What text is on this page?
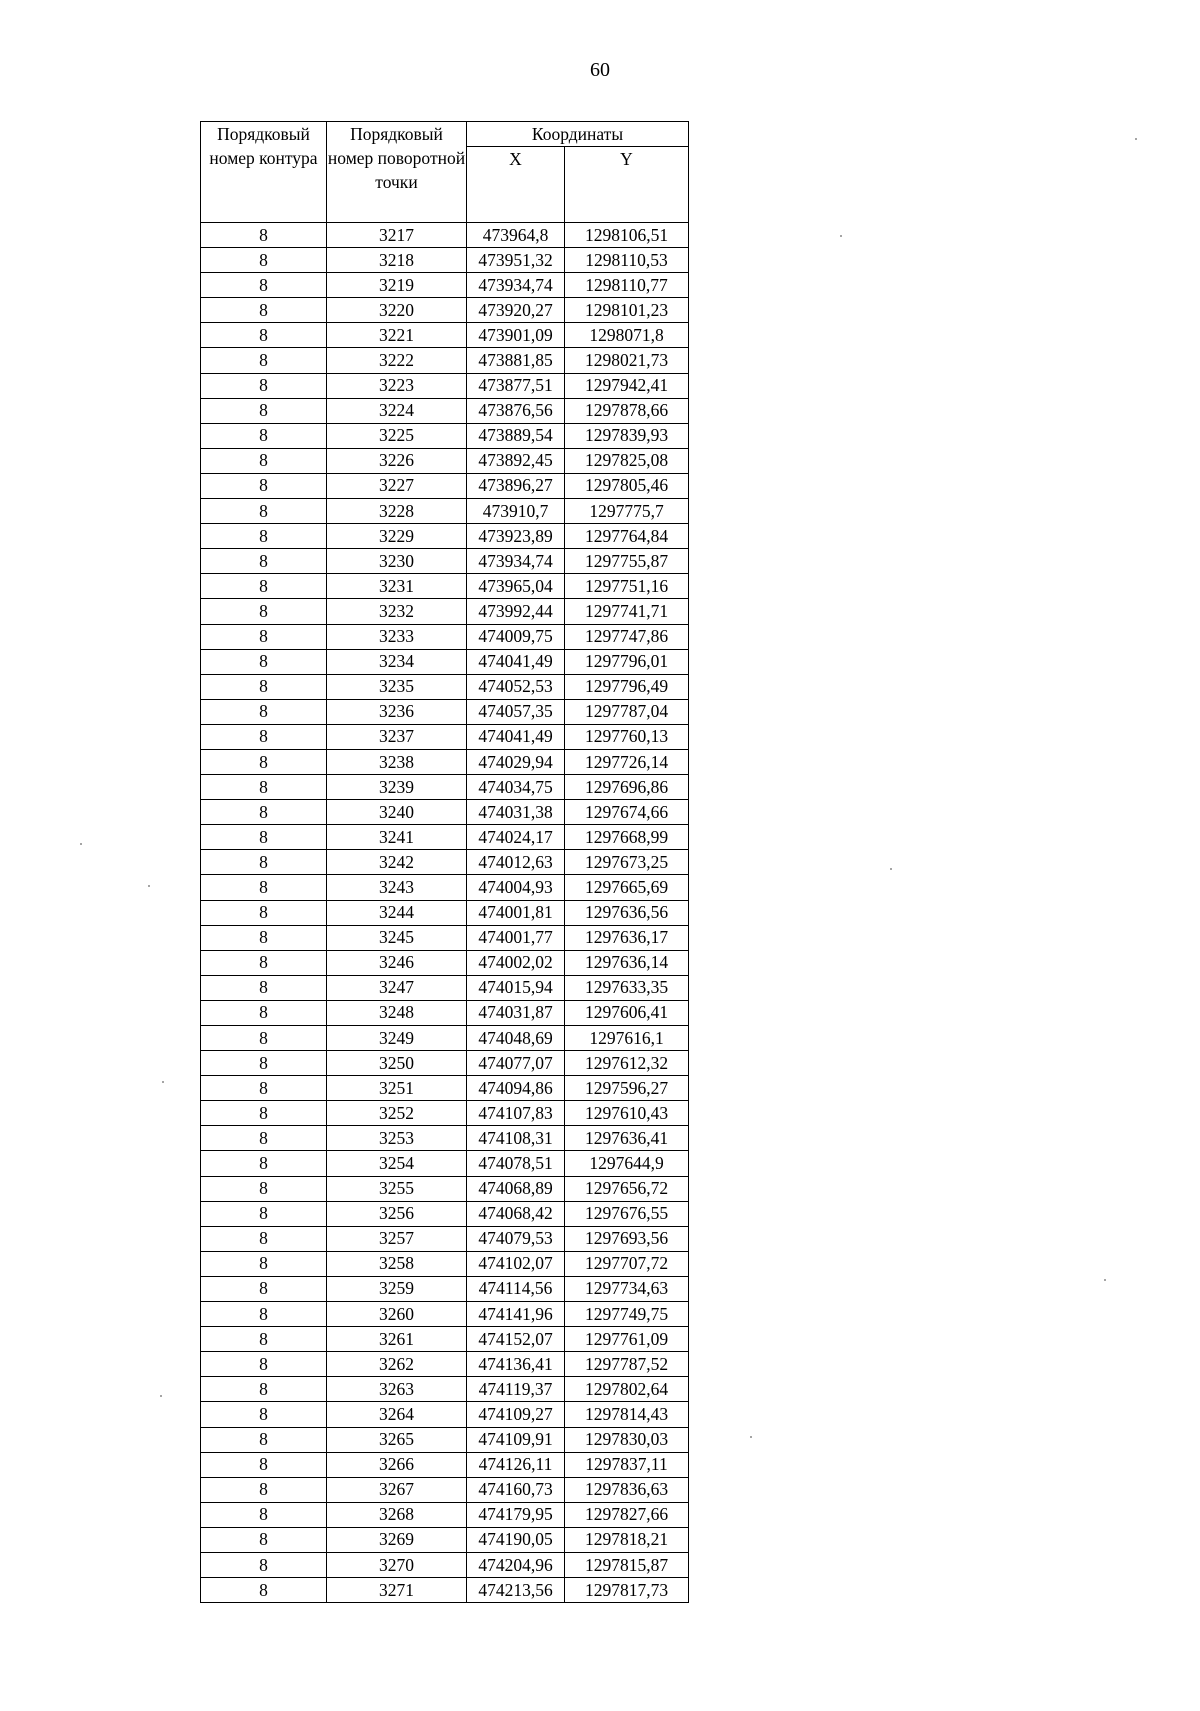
60
Порядковый номер контура	Порядковый номер поворотной точки	Координаты	
		X	Y
8	3217	473964,8	1298106,51
8	3218	473951,32	1298110,53
8	3219	473934,74	1298110,77
8	3220	473920,27	1298101,23
8	3221	473901,09	1298071,8
8	3222	473881,85	1298021,73
8	3223	473877,51	1297942,41
8	3224	473876,56	1297878,66
8	3225	473889,54	1297839,93
8	3226	473892,45	1297825,08
8	3227	473896,27	1297805,46
8	3228	473910,7	1297775,7
8	3229	473923,89	1297764,84
8	3230	473934,74	1297755,87
8	3231	473965,04	1297751,16
8	3232	473992,44	1297741,71
8	3233	474009,75	1297747,86
8	3234	474041,49	1297796,01
8	3235	474052,53	1297796,49
8	3236	474057,35	1297787,04
8	3237	474041,49	1297760,13
8	3238	474029,94	1297726,14
8	3239	474034,75	1297696,86
8	3240	474031,38	1297674,66
8	3241	474024,17	1297668,99
8	3242	474012,63	1297673,25
8	3243	474004,93	1297665,69
8	3244	474001,81	1297636,56
8	3245	474001,77	1297636,17
8	3246	474002,02	1297636,14
8	3247	474015,94	1297633,35
8	3248	474031,87	1297606,41
8	3249	474048,69	1297616,1
8	3250	474077,07	1297612,32
8	3251	474094,86	1297596,27
8	3252	474107,83	1297610,43
8	3253	474108,31	1297636,41
8	3254	474078,51	1297644,9
8	3255	474068,89	1297656,72
8	3256	474068,42	1297676,55
8	3257	474079,53	1297693,56
8	3258	474102,07	1297707,72
8	3259	474114,56	1297734,63
8	3260	474141,96	1297749,75
8	3261	474152,07	1297761,09
8	3262	474136,41	1297787,52
8	3263	474119,37	1297802,64
8	3264	474109,27	1297814,43
8	3265	474109,91	1297830,03
8	3266	474126,11	1297837,11
8	3267	474160,73	1297836,63
8	3268	474179,95	1297827,66
8	3269	474190,05	1297818,21
8	3270	474204,96	1297815,87
8	3271	474213,56	1297817,73
